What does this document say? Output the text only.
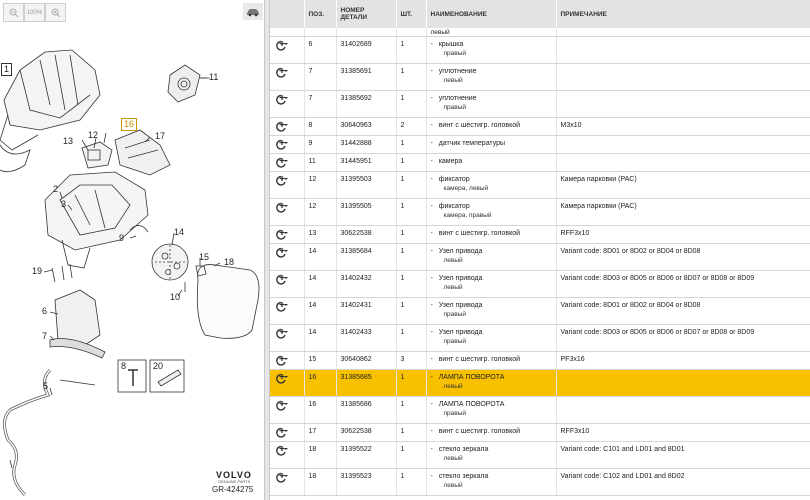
100%
1
11
16
13
12	17
2
3
9
14
15 18
19
10
6
7
8	20
5
VOLVO
GENUINE PARTS
GR-424275
	ПОЗ.	НОМЕР ДЕТАЛИ	ШТ.	НАИМЕНОВАНИЕ	ПРИМЕЧАНИЕ
				левый	
	6	31402689	1	- крышка
правый	

	7	31385691	1	- уплотнение
левый	

	7	31385692	1	- уплотнение
правый	

	8	30640963	2	- винт с шестигр. головкой	M3x10
	9	31442888	1	- датчик температуры	
	11	31445951	1	- камера	
	12	31395503	1	- фиксатор
камера, левый	Камера парковки (PAC)
	12	31395505	1	- фиксатор
камера, правый	Камера парковки (PAC)
	13	30622538	1	- винт с шестигр. головкой	RFF3x10
	14	31385684	1	- Узел привода
левый	Variant code: 8D01 or 8D02 or 8D04 or 8D08
	14	31402432	1	- Узел привода
левый	Variant code: 8D03 or 8D05 or 8D06 or 8D07 or 8D08 or 8D09
	14	31402431	1	- Узел привода
правый	Variant code: 8D01 or 8D02 or 8D04 or 8D08
	14	31402433	1	- Узел привода
правый	Variant code: 8D03 or 8D05 or 8D06 or 8D07 or 8D08 or 8D09
	15	30640862	3	- винт с шестигр. головкой	PF3x16
	16	31385685	1	- ЛАМПА ПОВОРОТА
левый	

	16	31385686	1	- ЛАМПА ПОВОРОТА
правый	

	17	30622538	1	- винт с шестигр. головкой	RFF3x10
	18	31395522	1	- стекло зеркала
левый	Variant code: C101 and LD01 and 8D01
	18	31395523	1	- стекло зеркала
левый	Variant code: C102 and LD01 and 8D02
